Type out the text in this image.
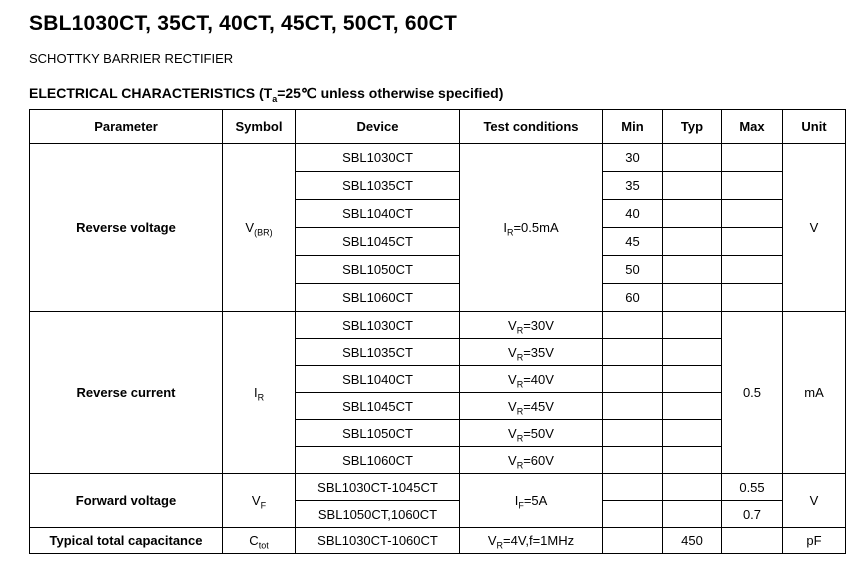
SBL1030CT, 35CT, 40CT, 45CT, 50CT, 60CT
SCHOTTKY BARRIER RECTIFIER
ELECTRICAL CHARACTERISTICS ($T_a=25℃$ unless otherwise specified)
Parameter	Symbol	Device	Test conditions	Min	Typ	Max	Unit
Reverse voltage	$V_{(BR)}$	SBL1030CT	$I_R=0.5mA$	30			V
		SBL1035CT		35			
		SBL1040CT		40			
		SBL1045CT		45			
		SBL1050CT		50			
		SBL1060CT		60			
Reverse current	$I_R$	SBL1030CT	$V_R=30V$			0.5	mA
		SBL1035CT	$V_R=35V$				
		SBL1040CT	$V_R=40V$				
		SBL1045CT	$V_R=45V$				
		SBL1050CT	$V_R=50V$				
		SBL1060CT	$V_R=60V$				
Forward voltage	$V_F$	SBL1030CT-1045CT	$I_F=5A$			0.55	V
		SBL1050CT,1060CT				0.7	
Typical total capacitance	$C_{tot}$	SBL1030CT-1060CT	$V_R=4V,f=1MHz$		450		pF
